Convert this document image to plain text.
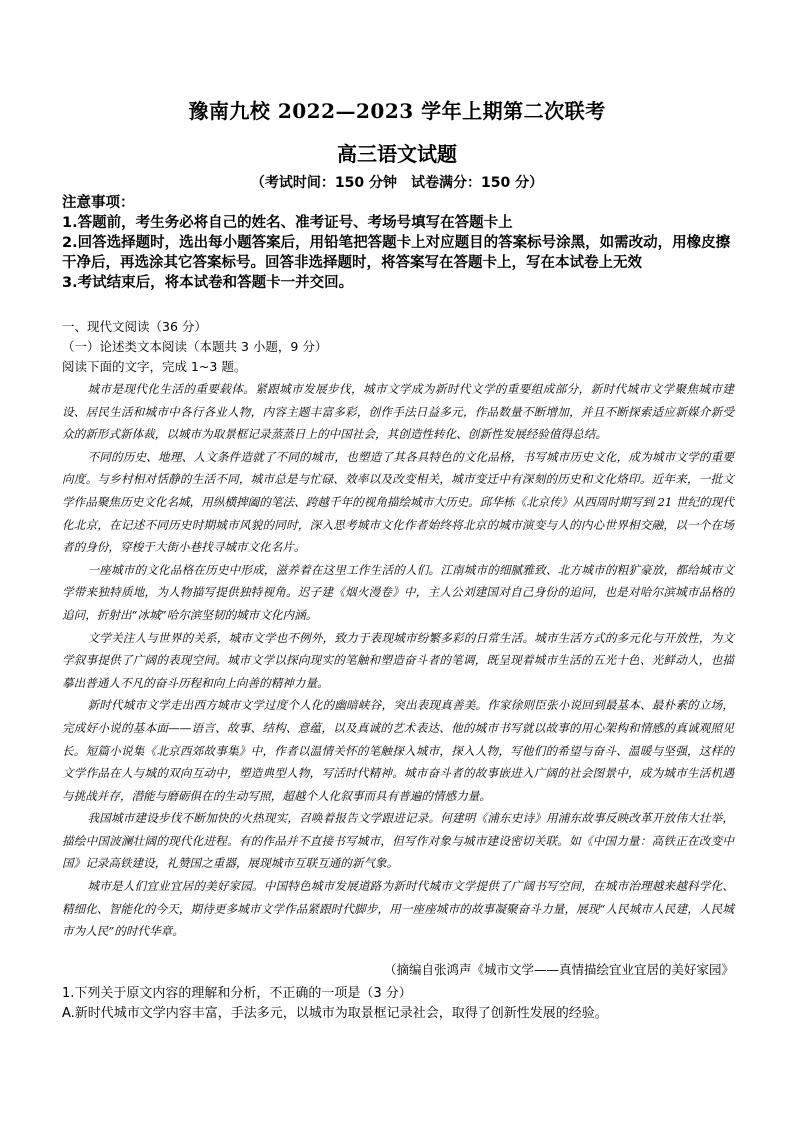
豫南九校 2022—2023 学年上期第二次联考
高三语文试题
（考试时间：150 分钟　试卷满分：150 分）

注意事项：

1.答题前，考生务必将自己的姓名、准考证号、考场号填写在答题卡上

2.回答选择题时，选出每小题答案后，用铅笔把答题卡上对应题目的答案标号涂黑，如需改动，用橡皮擦干净后，再选涂其它答案标号。回答非选择题时，将答案写在答题卡上，写在本试卷上无效

3.考试结束后，将本试卷和答题卡一并交回。

一、现代文阅读（36 分）
（一）论述类文本阅读（本题共 3 小题，9 分）
阅读下面的文字，完成 1~3 题。

城市是现代化生活的重要载体。紧跟城市发展步伐，城市文学成为新时代文学的重要组成部分，新时代城市文学聚焦城市建设、居民生活和城市中各行各业人物，内容主题丰富多彩，创作手法日益多元，作品数量不断增加，并且不断探索适应新媒介新受众的新形式新体裁，以城市为取景框记录蒸蒸日上的中国社会，其创造性转化、创新性发展经验值得总结。

不同的历史、地理、人文条件造就了不同的城市，也塑造了其各具特色的文化品格，书写城市历史文化，成为城市文学的重要向度。与乡村相对恬静的生活不同，城市总是与忙碌、效率以及改变相关，城市变迁中有深刻的历史和文化烙印。近年来，一批文学作品聚焦历史文化名城，用纵横捭阖的笔法、跨越千年的视角描绘城市大历史。邱华栋《北京传》从西周时期写到 21 世纪的现代化北京，在记述不同历史时期城市风貌的同时，深入思考城市文化作者始终将北京的城市演变与人的内心世界相交融，以一个在场者的身份，穿梭于大街小巷找寻城市文化名片。

一座城市的文化品格在历史中形成，滋养着在这里工作生活的人们。江南城市的细腻雅致、北方城市的粗犷豪放，都给城市文学带来独特质地，为人物描写提供独特视角。迟子建《烟火漫卷》中，主人公刘建国对自己身份的追问，也是对哈尔滨城市品格的追问，折射出“冰城”哈尔滨坚韧的城市文化内涵。

文学关注人与世界的关系，城市文学也不例外，致力于表现城市纷繁多彩的日常生活。城市生活方式的多元化与开放性，为文学叙事提供了广阔的表现空间。城市文学以探向现实的笔触和塑造奋斗者的笔调，既呈现着城市生活的五光十色、光鲜动人，也描摹出普通人不凡的奋斗历程和向上向善的精神力量。

新时代城市文学走出西方城市文学过度个人化的幽暗峡谷，突出表现真善美。作家徐则臣张小说回到最基本、最朴素的立场，完成好小说的基本面——语言、故事、结构、意蕴，以及真诚的艺术表达、他的城市书写就以故事的用心架构和情感的真诚观照见长。短篇小说集《北京西郊故事集》中，作者以温情关怀的笔触探入城市，探入人物，写他们的希望与奋斗、温暖与坚强，这样的文学作品在人与城的双向互动中，塑造典型人物，写活时代精神。城市奋斗者的故事嵌进入广阔的社会图景中，成为城市生活机遇与挑战并存，潜能与磨砺俱在的生动写照，超越个人化叙事而具有普遍的情感力量。

我国城市建设步伐不断加快的火热现实，召唤着报告文学跟进记录。何建明《浦东史诗》用浦东故事反映改革开放伟大壮举，描绘中国波澜壮阔的现代化进程。有的作品并不直接书写城市，但写作对象与城市建设密切关联。如《中国力量：高铁正在改变中国》记录高铁建设，礼赞国之重器，展现城市互联互通的新气象。

城市是人们宜业宜居的美好家园。中国特色城市发展道路为新时代城市文学提供了广阔书写空间，在城市治理越来越科学化、精细化、智能化的今天，期待更多城市文学作品紧跟时代脚步，用一座座城市的故事凝聚奋斗力量，展现“人民城市人民建，人民城市为人民”的时代华章。

（摘编自张鸿声《城市文学——真情描绘宜业宜居的美好家园》

1.下列关于原文内容的理解和分析，不正确的一项是（3 分）

A.新时代城市文学内容丰富，手法多元，以城市为取景框记录社会，取得了创新性发展的经验。
